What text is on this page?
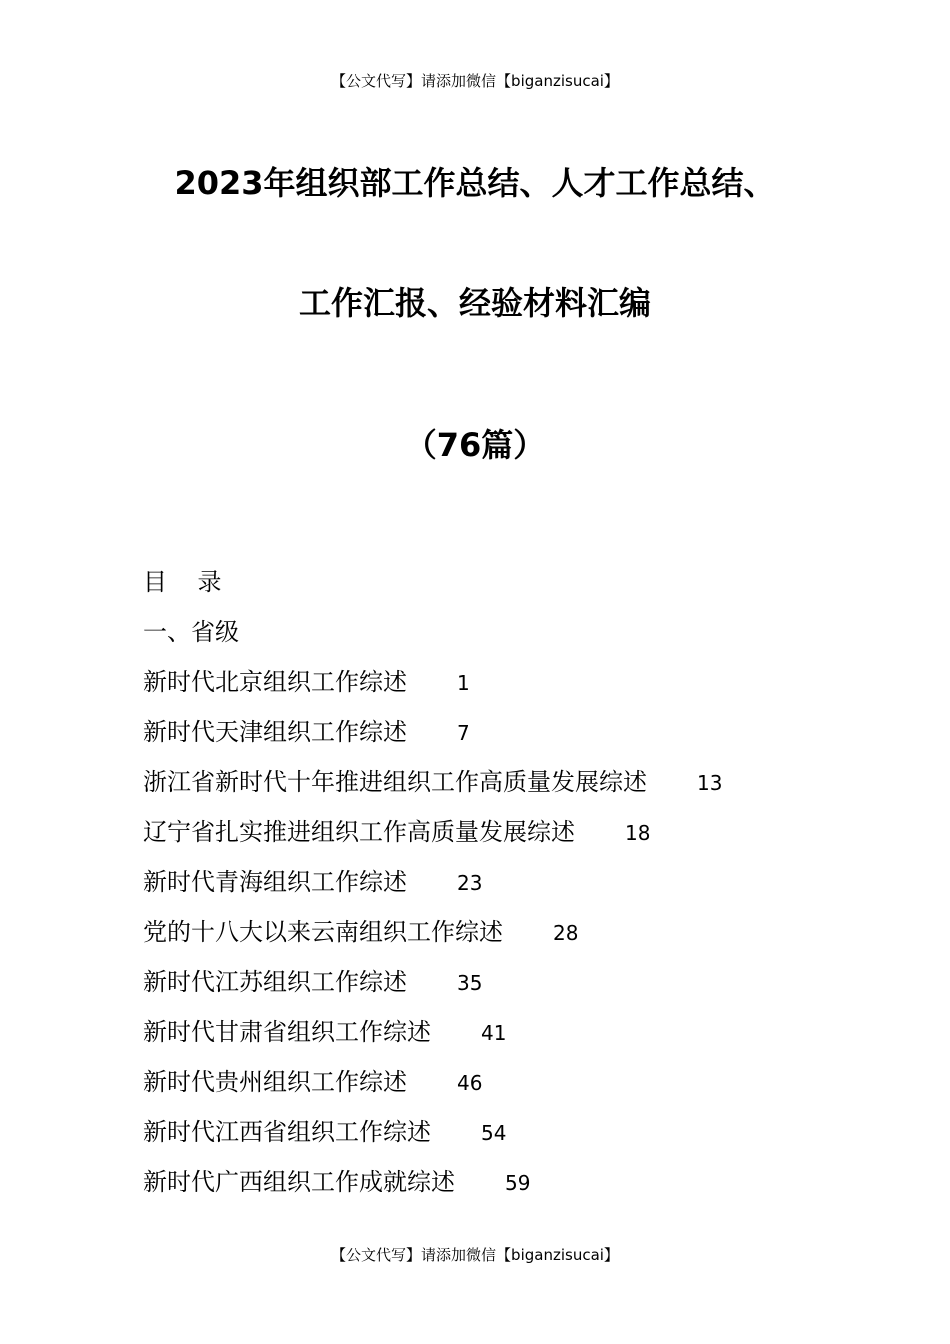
【公文代写】请添加微信【biganzisucai】
2023年组织部工作总结、人才工作总结、
工作汇报、经验材料汇编
（76篇）
目    录
一、省级
新时代北京组织工作综述	1
新时代天津组织工作综述	7
浙江省新时代十年推进组织工作高质量发展综述	13
辽宁省扎实推进组织工作高质量发展综述	18
新时代青海组织工作综述	23
党的十八大以来云南组织工作综述	28
新时代江苏组织工作综述	35
新时代甘肃省组织工作综述	41
新时代贵州组织工作综述	46
新时代江西省组织工作综述	54
新时代广西组织工作成就综述	59
【公文代写】请添加微信【biganzisucai】
